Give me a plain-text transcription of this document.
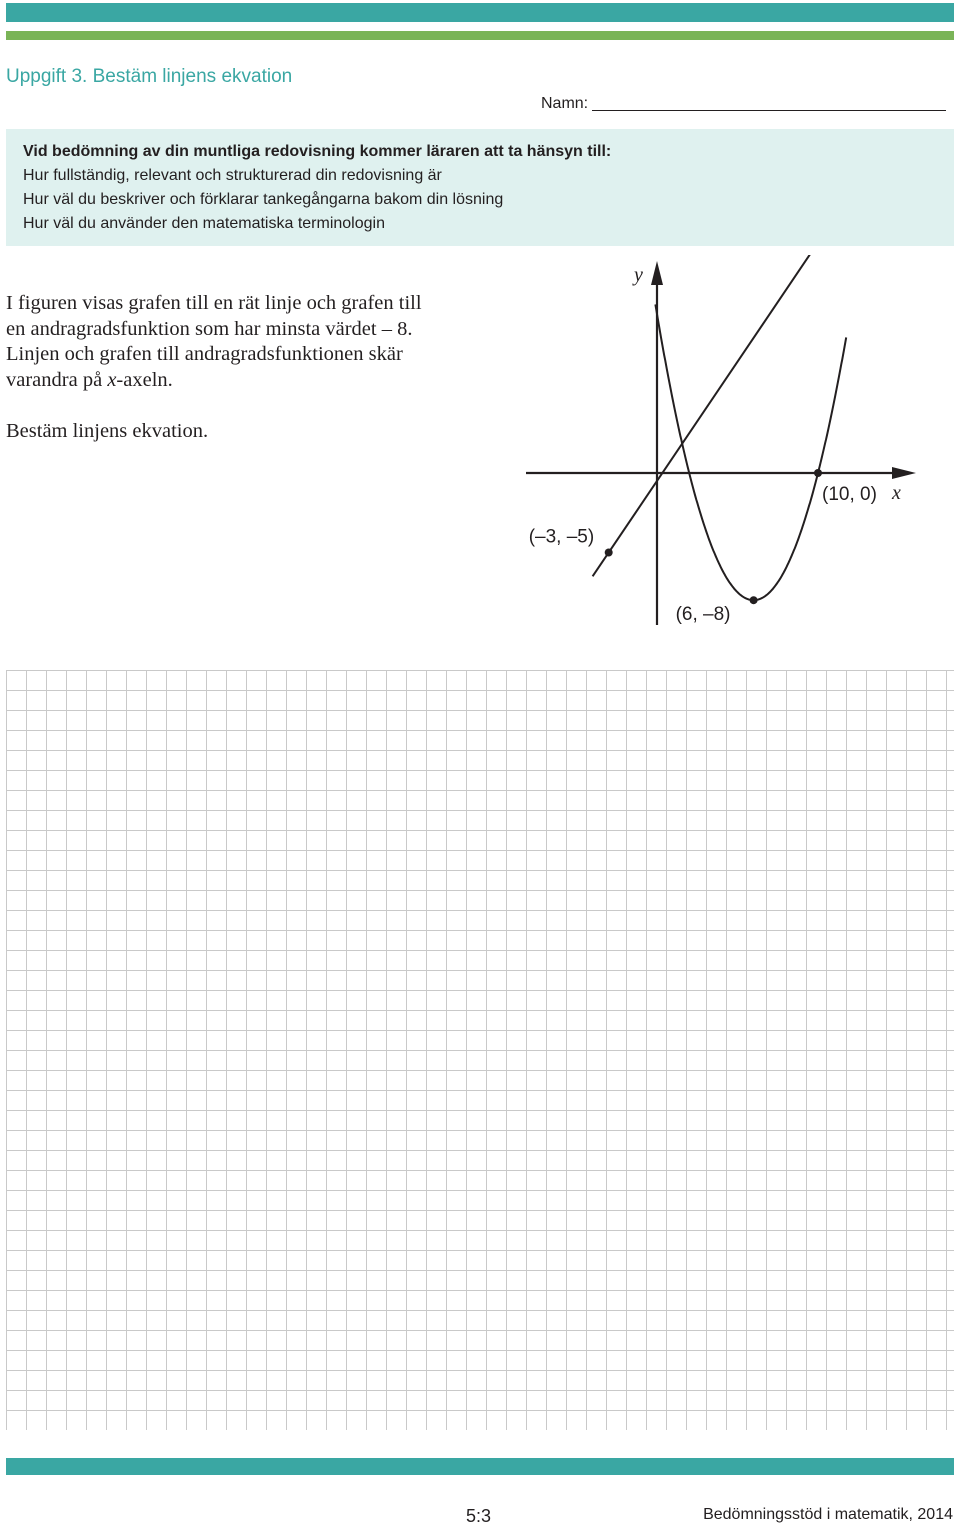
Uppgift 3. Bestäm linjens ekvation
Namn:
Vid bedömning av din muntliga redovisning kommer läraren att ta hänsyn till:
Hur fullständig, relevant och strukturerad din redovisning är
Hur väl du beskriver och förklarar tankegångarna bakom din lösning
Hur väl du använder den matematiska terminologin

I figuren visas grafen till en rät linje och grafen till

en andragradsfunktion som har minsta värdet – 8.

Linjen och grafen till andragradsfunktionen skär

varandra på x-axeln.

Bestäm linjens ekvation.

x
y
(–3, –5)
(6, –8)
(10, 0)
5:3	Bedömningsstöd i matematik, 2014
